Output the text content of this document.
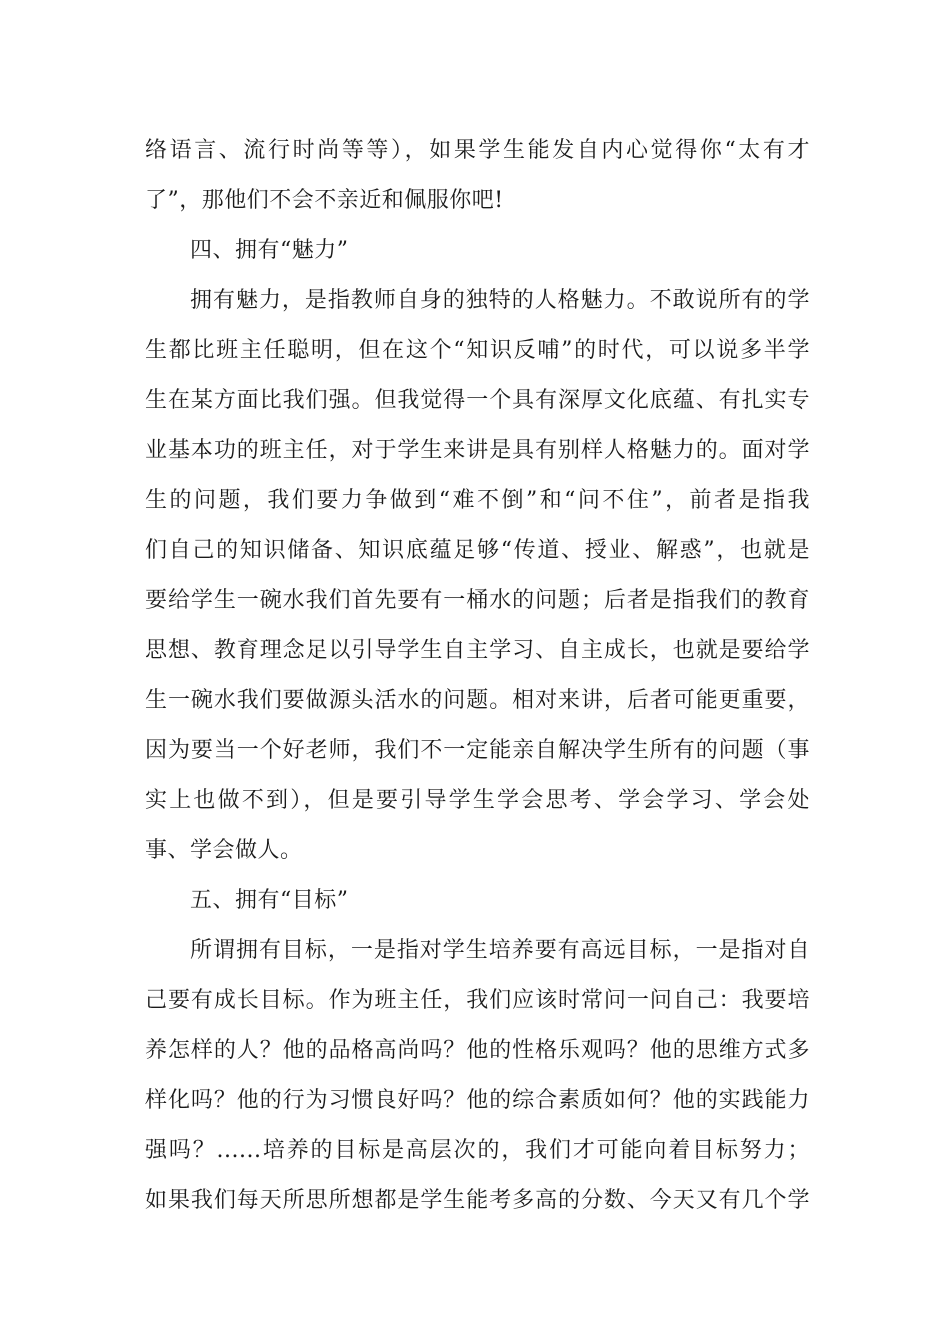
络语言、流行时尚等等），如果学生能发自内心觉得你“太有才
了”，那他们不会不亲近和佩服你吧!
四、拥有“魅力”
拥有魅力，是指教师自身的独特的人格魅力。不敢说所有的学
生都比班主任聪明，但在这个“知识反哺”的时代，可以说多半学
生在某方面比我们强。但我觉得一个具有深厚文化底蕴、有扎实专
业基本功的班主任，对于学生来讲是具有别样人格魅力的。面对学
生的问题，我们要力争做到“难不倒”和“问不住”，前者是指我
们自己的知识储备、知识底蕴足够“传道、授业、解惑”，也就是
要给学生一碗水我们首先要有一桶水的问题；后者是指我们的教育
思想、教育理念足以引导学生自主学习、自主成长，也就是要给学
生一碗水我们要做源头活水的问题。相对来讲，后者可能更重要，
因为要当一个好老师，我们不一定能亲自解决学生所有的问题（事
实上也做不到），但是要引导学生学会思考、学会学习、学会处
事、学会做人。
五、拥有“目标”
所谓拥有目标，一是指对学生培养要有高远目标，一是指对自
己要有成长目标。作为班主任，我们应该时常问一问自己：我要培
养怎样的人？他的品格高尚吗？他的性格乐观吗？他的思维方式多
样化吗？他的行为习惯良好吗？他的综合素质如何？他的实践能力
强吗？......培养的目标是高层次的，我们才可能向着目标努力；
如果我们每天所思所想都是学生能考多高的分数、今天又有几个学
